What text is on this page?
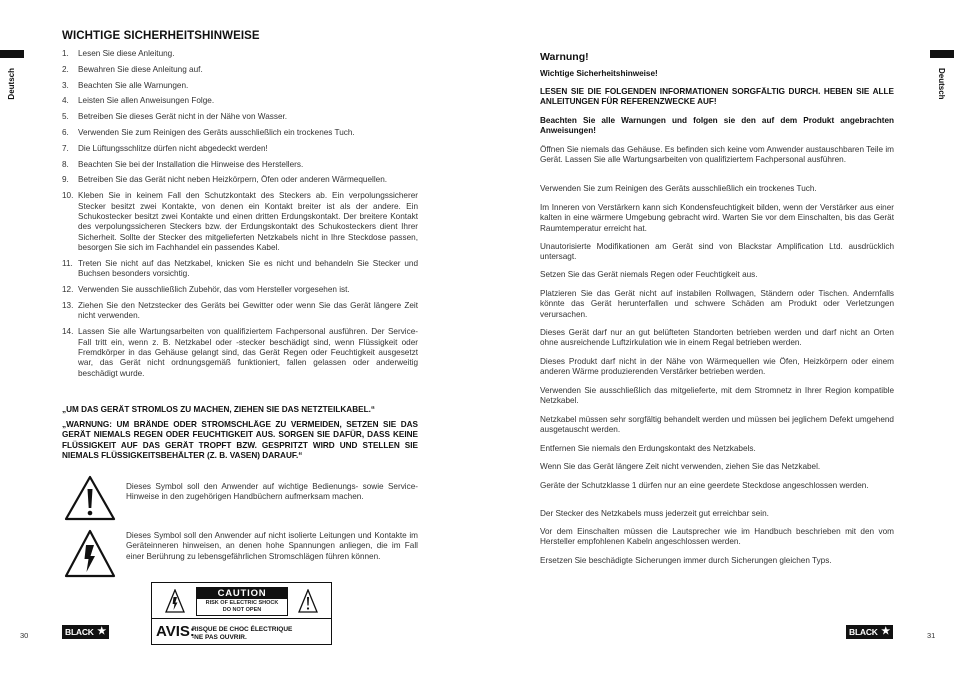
Deutsch
WICHTIGE SICHERHEITSHINWEISE
1.	Lesen Sie diese Anleitung.
2.	Bewahren Sie diese Anleitung auf.
3.	Beachten Sie alle Warnungen.
4.	Leisten Sie allen Anweisungen Folge.
5.	Betreiben Sie dieses Gerät nicht in der Nähe von Wasser.
6.	Verwenden Sie zum Reinigen des Geräts ausschließlich ein trockenes Tuch.
7.	Die Lüftungsschlitze dürfen nicht abgedeckt werden!
8.	Beachten Sie bei der Installation die Hinweise des Herstellers.
9.	Betreiben Sie das Gerät nicht neben Heizkörpern, Öfen oder anderen Wärmequellen.
10. Kleben Sie in keinem Fall den Schutzkontakt des Steckers ab. Ein verpolungssicherer Stecker besitzt zwei Kontakte, von denen ein Kontakt breiter ist als der andere. Ein Schukostecker besitzt zwei Kontakte und einen dritten Erdungskontakt. Der breitere Kontakt des verpolungssicheren Steckers bzw. der Erdungskontakt des Schukosteckers dient Ihrer Sicherheit. Sollte der Stecker des mitgelieferten Netzkabels nicht in Ihre Steckdose passen, besorgen Sie sich im Fachhandel ein passendes Kabel.
11. Treten Sie nicht auf das Netzkabel, knicken Sie es nicht und behandeln Sie Stecker und Buchsen besonders vorsichtig.
12. Verwenden Sie ausschließlich Zubehör, das vom Hersteller vorgesehen ist.
13. Ziehen Sie den Netzstecker des Geräts bei Gewitter oder wenn Sie das Gerät längere Zeit nicht verwenden.
14. Lassen Sie alle Wartungsarbeiten von qualifiziertem Fachpersonal ausführen. Der Service-Fall tritt ein, wenn z. B. Netzkabel oder -stecker beschädigt sind, wenn Flüssigkeit oder Fremdkörper in das Gehäuse gelangt sind, das Gerät Regen oder Feuchtigkeit ausgesetzt war, das Gerät nicht ordnungsgemäß funktioniert, fallen gelassen oder anderweitig beschädigt wurde.
„UM DAS GERÄT STROMLOS ZU MACHEN, ZIEHEN SIE DAS NETZTEILKABEL.“
„WARNUNG: UM BRÄNDE ODER STROMSCHLÄGE ZU VERMEIDEN, SETZEN SIE DAS GERÄT NIEMALS REGEN ODER FEUCHTIGKEIT AUS. SORGEN SIE DAFÜR, DASS KEINE FLÜSSIGKEIT AUF DAS GERÄT TROPFT BZW. GESPRITZT WIRD UND STELLEN SIE NIEMALS FLÜSSIGKEITSBEHÄLTER (Z. B. VASEN) DARAUF.“
Dieses Symbol soll den Anwender auf wichtige Bedienungs- sowie Service-Hinweise in den zugehörigen Handbüchern aufmerksam machen.
Dieses Symbol soll den Anwender auf nicht isolierte Leitungen und Kontakte im Geräteinneren hinweisen, an denen hohe Spannungen anliegen, die im Fall einer Berührung zu lebensgefährlichen Stromschlägen führen können.
CAUTION
RISK OF ELECTRIC SHOCK
DO NOT OPEN
AVIS:
RISQUE DE CHOC ÉLECTRIQUE
-NE PAS OUVRIR.
30	BLACK ★
Deutsch
Warnung!
Wichtige Sicherheitshinweise!
LESEN SIE DIE FOLGENDEN INFORMATIONEN SORGFÄLTIG DURCH. HEBEN SIE ALLE ANLEITUNGEN FÜR REFERENZWECKE AUF!
Beachten Sie alle Warnungen und folgen sie den auf dem Produkt angebrachten Anweisungen!
Öffnen Sie niemals das Gehäuse. Es befinden sich keine vom Anwender austauschbaren Teile im Gerät. Lassen Sie alle Wartungsarbeiten von qualifiziertem Fachpersonal ausführen.
Verwenden Sie zum Reinigen des Geräts ausschließlich ein trockenes Tuch.
Im Inneren von Verstärkern kann sich Kondensfeuchtigkeit bilden, wenn der Verstärker aus einer kalten in eine wärmere Umgebung gebracht wird. Warten Sie vor dem Einschalten, bis das Gerät Raumtemperatur erreicht hat.
Unautorisierte Modifikationen am Gerät sind von Blackstar Amplification Ltd. ausdrücklich untersagt.
Setzen Sie das Gerät niemals Regen oder Feuchtigkeit aus.
Platzieren Sie das Gerät nicht auf instabilen Rollwagen, Ständern oder Tischen. Andernfalls könnte das Gerät herunterfallen und schwere Schäden am Produkt oder Verletzungen verursachen.
Dieses Gerät darf nur an gut belüfteten Standorten betrieben werden und darf nicht an Orten ohne ausreichende Luftzirkulation wie in einem Regal betrieben werden.
Dieses Produkt darf nicht in der Nähe von Wärmequellen wie Öfen, Heizkörpern oder einem anderen Wärme produzierenden Verstärker betrieben werden.
Verwenden Sie ausschließlich das mitgelieferte, mit dem Stromnetz in Ihrer Region kompatible Netzkabel.
Netzkabel müssen sehr sorgfältig behandelt werden und müssen bei jeglichem Defekt umgehend ausgetauscht werden.
Entfernen Sie niemals den Erdungskontakt des Netzkabels.
Wenn Sie das Gerät längere Zeit nicht verwenden, ziehen Sie das Netzkabel.
Geräte der Schutzklasse 1 dürfen nur an eine geerdete Steckdose angeschlossen werden.
Der Stecker des Netzkabels muss jederzeit gut erreichbar sein.
Vor dem Einschalten müssen die Lautsprecher wie im Handbuch beschrieben mit den vom Hersteller empfohlenen Kabeln angeschlossen werden.
Ersetzen Sie beschädigte Sicherungen immer durch Sicherungen gleichen Typs.
31
BLACK ★
